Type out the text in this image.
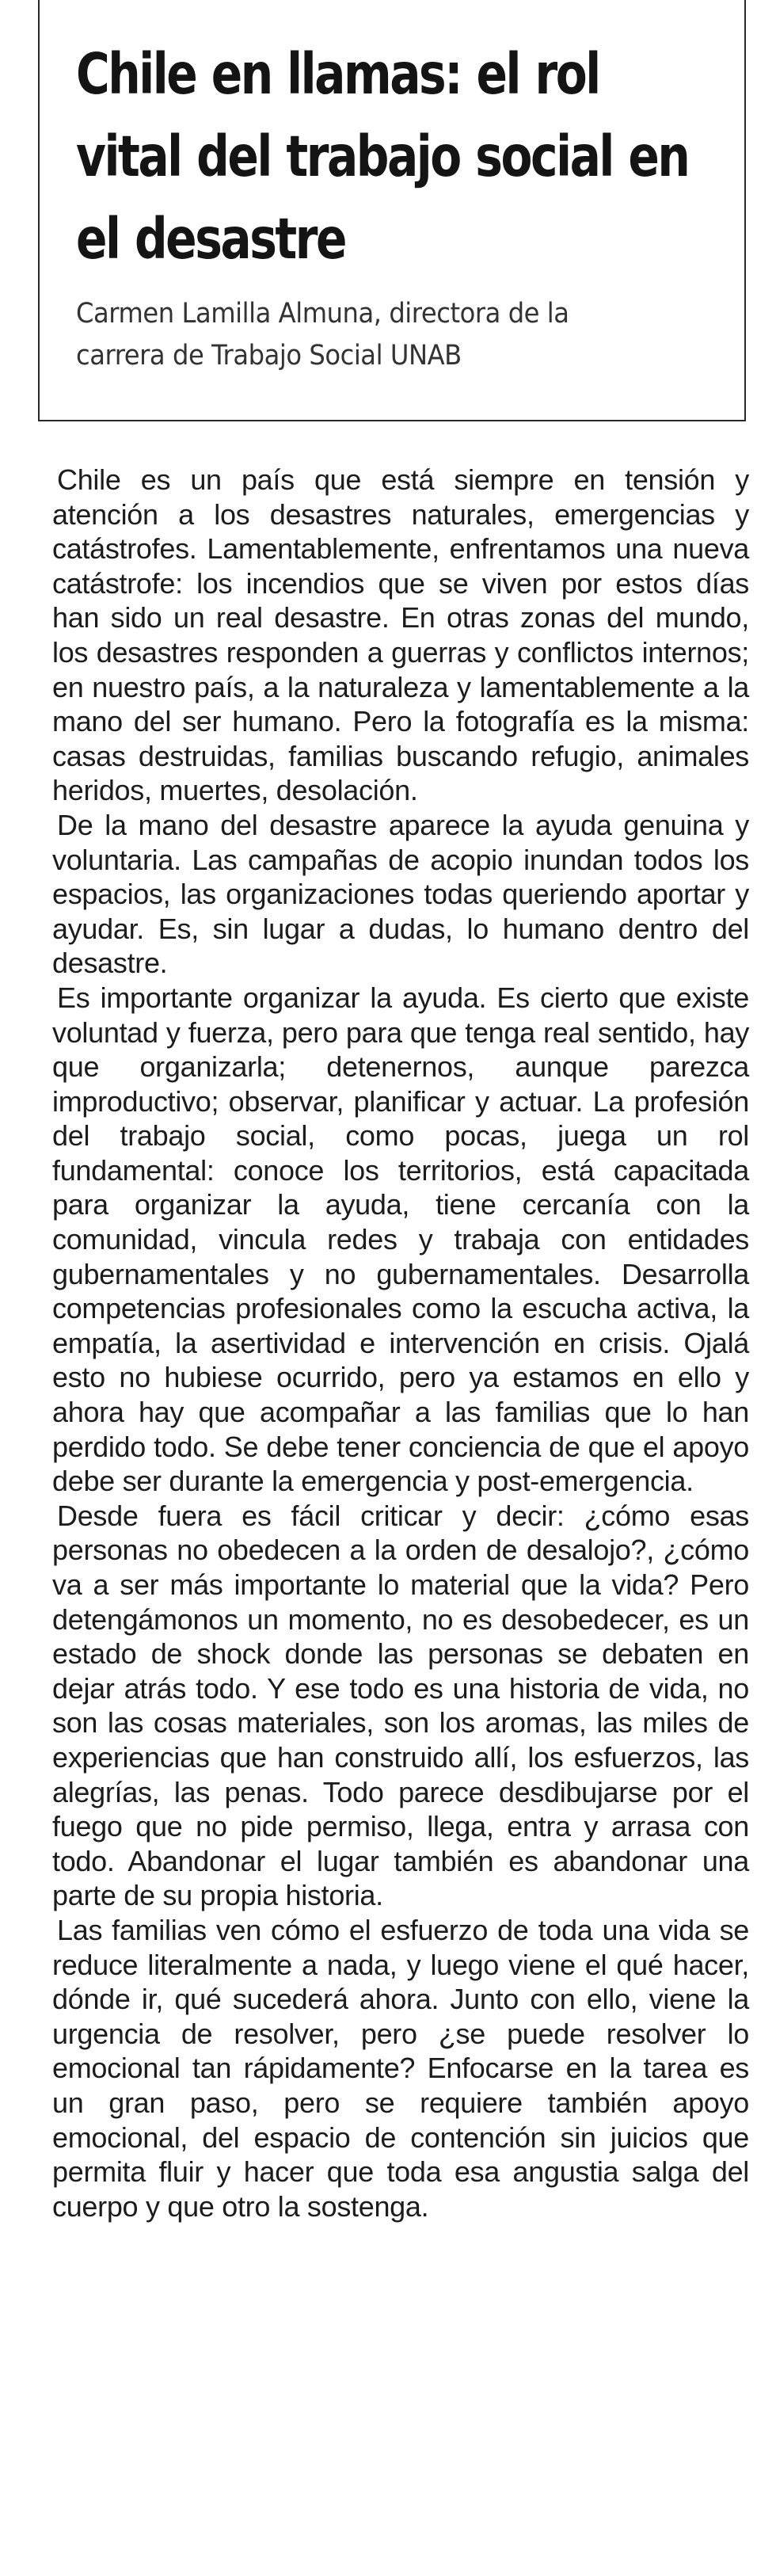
Chile en llamas: el rol vital del trabajo social en el desastre
Carmen Lamilla Almuna, directora de la carrera de Trabajo Social UNAB

Chile es un país que está siempre en tensión y atención a los desastres naturales, emergencias y catástrofes. Lamentablemente, enfrentamos una nueva catástrofe: los incendios que se viven por estos días han sido un real desastre. En otras zonas del mundo, los desastres responden a guerras y conflictos internos; en nuestro país, a la naturaleza y lamentablemente a la mano del ser humano. Pero la fotografía es la misma: casas destruidas, familias buscando refugio, animales heridos, muertes, desolación.

De la mano del desastre aparece la ayuda genuina y voluntaria. Las campañas de acopio inundan todos los espacios, las organizaciones todas queriendo aportar y ayudar. Es, sin lugar a dudas, lo humano dentro del desastre.

Es importante organizar la ayuda. Es cierto que existe voluntad y fuerza, pero para que tenga real sentido, hay que organizarla; detenernos, aunque parezca improductivo; observar, planificar y actuar. La profesión del trabajo social, como pocas, juega un rol fundamental: conoce los territorios, está capacitada para organizar la ayuda, tiene cercanía con la comunidad, vincula redes y trabaja con entidades gubernamentales y no gubernamentales. Desarrolla competencias profesionales como la escucha activa, la empatía, la asertividad e intervención en crisis. Ojalá esto no hubiese ocurrido, pero ya estamos en ello y ahora hay que acompañar a las familias que lo han perdido todo. Se debe tener conciencia de que el apoyo debe ser durante la emergencia y post-emergencia.

Desde fuera es fácil criticar y decir: ¿cómo esas personas no obedecen a la orden de desalojo?, ¿cómo va a ser más importante lo material que la vida? Pero detengámonos un momento, no es desobedecer, es un estado de shock donde las personas se debaten en dejar atrás todo. Y ese todo es una historia de vida, no son las cosas materiales, son los aromas, las miles de experiencias que han construido allí, los esfuerzos, las alegrías, las penas. Todo parece desdibujarse por el fuego que no pide permiso, llega, entra y arrasa con todo. Abandonar el lugar también es abandonar una parte de su propia historia.

Las familias ven cómo el esfuerzo de toda una vida se reduce literalmente a nada, y luego viene el qué hacer, dónde ir, qué sucederá ahora. Junto con ello, viene la urgencia de resolver, pero ¿se puede resolver lo emocional tan rápidamente? Enfocarse en la tarea es un gran paso, pero se requiere también apoyo emocional, del espacio de contención sin juicios que permita fluir y hacer que toda esa angustia salga del cuerpo y que otro la sostenga.
